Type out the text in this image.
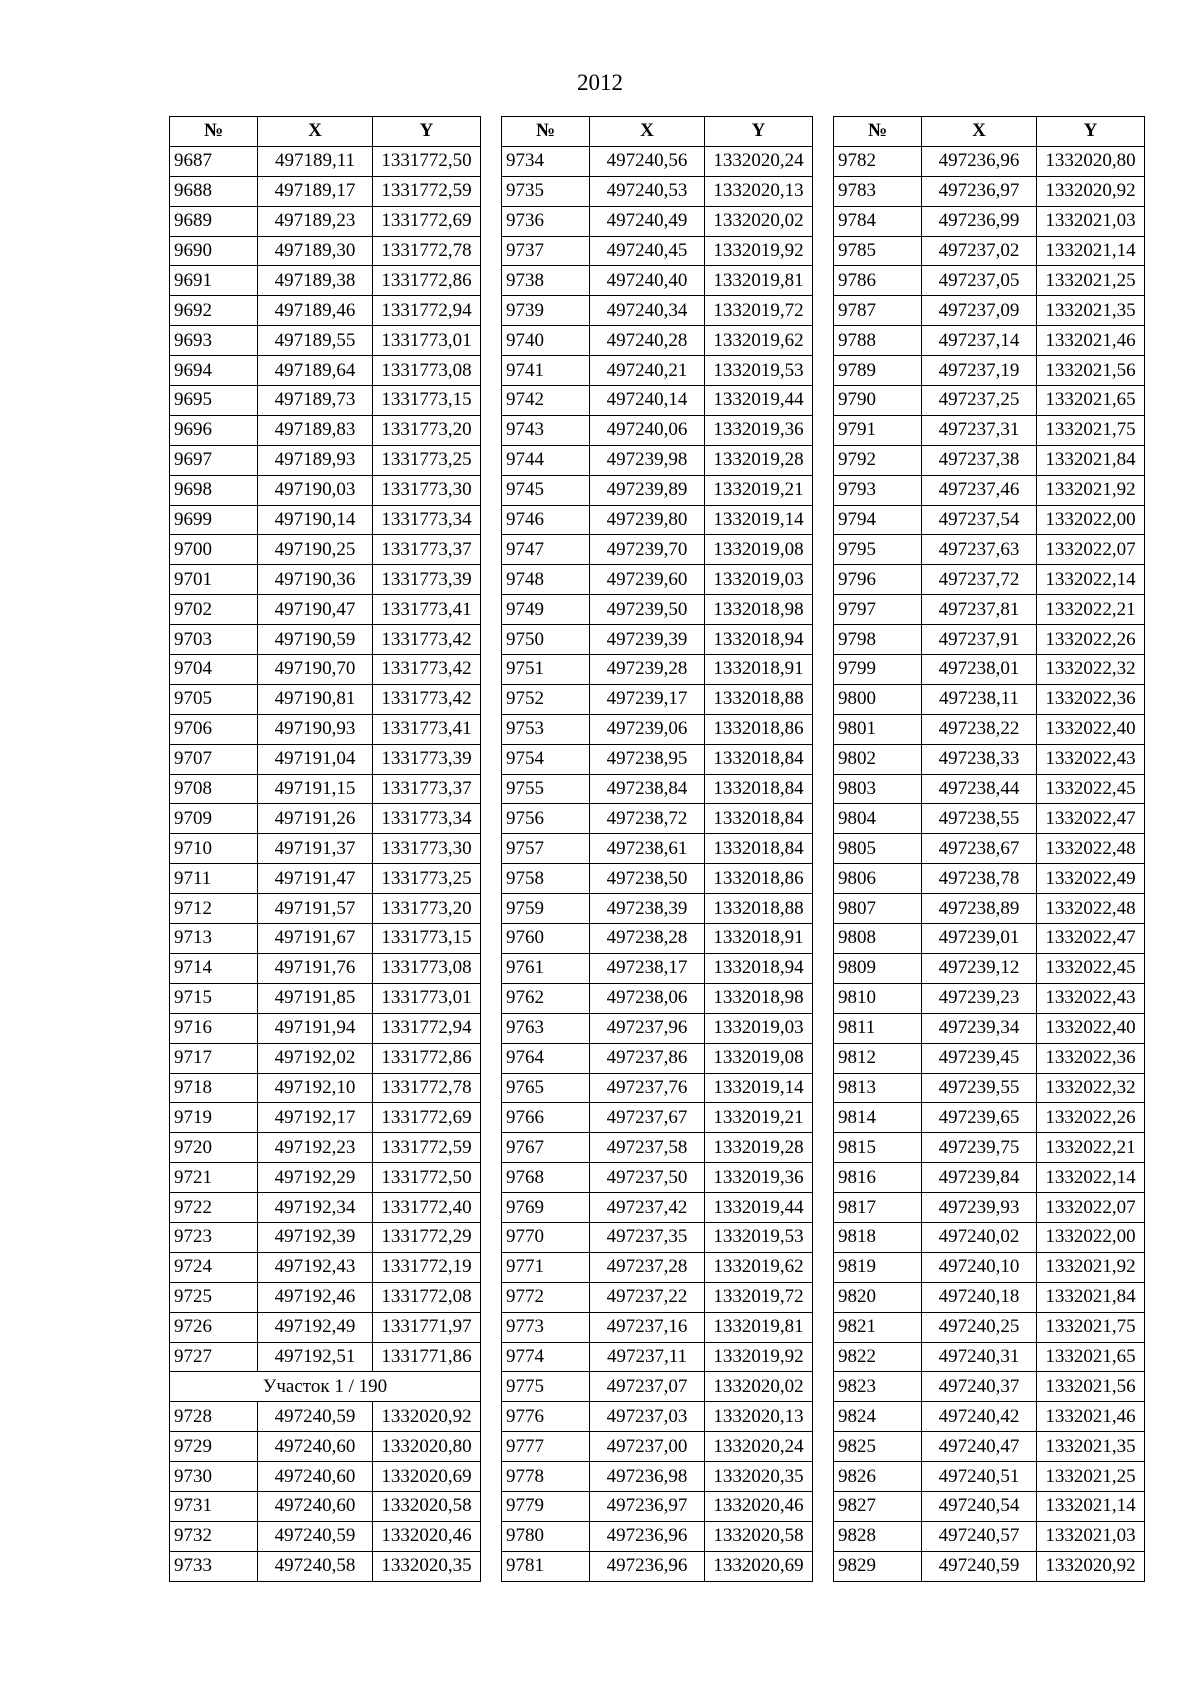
2012
№	X	Y
9687	497189,11	1331772,50
9688	497189,17	1331772,59
9689	497189,23	1331772,69
9690	497189,30	1331772,78
9691	497189,38	1331772,86
9692	497189,46	1331772,94
9693	497189,55	1331773,01
9694	497189,64	1331773,08
9695	497189,73	1331773,15
9696	497189,83	1331773,20
9697	497189,93	1331773,25
9698	497190,03	1331773,30
9699	497190,14	1331773,34
9700	497190,25	1331773,37
9701	497190,36	1331773,39
9702	497190,47	1331773,41
9703	497190,59	1331773,42
9704	497190,70	1331773,42
9705	497190,81	1331773,42
9706	497190,93	1331773,41
9707	497191,04	1331773,39
9708	497191,15	1331773,37
9709	497191,26	1331773,34
9710	497191,37	1331773,30
9711	497191,47	1331773,25
9712	497191,57	1331773,20
9713	497191,67	1331773,15
9714	497191,76	1331773,08
9715	497191,85	1331773,01
9716	497191,94	1331772,94
9717	497192,02	1331772,86
9718	497192,10	1331772,78
9719	497192,17	1331772,69
9720	497192,23	1331772,59
9721	497192,29	1331772,50
9722	497192,34	1331772,40
9723	497192,39	1331772,29
9724	497192,43	1331772,19
9725	497192,46	1331772,08
9726	497192,49	1331771,97
9727	497192,51	1331771,86
Участок 1 / 190		
9728	497240,59	1332020,92
9729	497240,60	1332020,80
9730	497240,60	1332020,69
9731	497240,60	1332020,58
9732	497240,59	1332020,46
9733	497240,58	1332020,35
№	X	Y
9734	497240,56	1332020,24
9735	497240,53	1332020,13
9736	497240,49	1332020,02
9737	497240,45	1332019,92
9738	497240,40	1332019,81
9739	497240,34	1332019,72
9740	497240,28	1332019,62
9741	497240,21	1332019,53
9742	497240,14	1332019,44
9743	497240,06	1332019,36
9744	497239,98	1332019,28
9745	497239,89	1332019,21
9746	497239,80	1332019,14
9747	497239,70	1332019,08
9748	497239,60	1332019,03
9749	497239,50	1332018,98
9750	497239,39	1332018,94
9751	497239,28	1332018,91
9752	497239,17	1332018,88
9753	497239,06	1332018,86
9754	497238,95	1332018,84
9755	497238,84	1332018,84
9756	497238,72	1332018,84
9757	497238,61	1332018,84
9758	497238,50	1332018,86
9759	497238,39	1332018,88
9760	497238,28	1332018,91
9761	497238,17	1332018,94
9762	497238,06	1332018,98
9763	497237,96	1332019,03
9764	497237,86	1332019,08
9765	497237,76	1332019,14
9766	497237,67	1332019,21
9767	497237,58	1332019,28
9768	497237,50	1332019,36
9769	497237,42	1332019,44
9770	497237,35	1332019,53
9771	497237,28	1332019,62
9772	497237,22	1332019,72
9773	497237,16	1332019,81
9774	497237,11	1332019,92
9775	497237,07	1332020,02
9776	497237,03	1332020,13
9777	497237,00	1332020,24
9778	497236,98	1332020,35
9779	497236,97	1332020,46
9780	497236,96	1332020,58
9781	497236,96	1332020,69
№	X	Y
9782	497236,96	1332020,80
9783	497236,97	1332020,92
9784	497236,99	1332021,03
9785	497237,02	1332021,14
9786	497237,05	1332021,25
9787	497237,09	1332021,35
9788	497237,14	1332021,46
9789	497237,19	1332021,56
9790	497237,25	1332021,65
9791	497237,31	1332021,75
9792	497237,38	1332021,84
9793	497237,46	1332021,92
9794	497237,54	1332022,00
9795	497237,63	1332022,07
9796	497237,72	1332022,14
9797	497237,81	1332022,21
9798	497237,91	1332022,26
9799	497238,01	1332022,32
9800	497238,11	1332022,36
9801	497238,22	1332022,40
9802	497238,33	1332022,43
9803	497238,44	1332022,45
9804	497238,55	1332022,47
9805	497238,67	1332022,48
9806	497238,78	1332022,49
9807	497238,89	1332022,48
9808	497239,01	1332022,47
9809	497239,12	1332022,45
9810	497239,23	1332022,43
9811	497239,34	1332022,40
9812	497239,45	1332022,36
9813	497239,55	1332022,32
9814	497239,65	1332022,26
9815	497239,75	1332022,21
9816	497239,84	1332022,14
9817	497239,93	1332022,07
9818	497240,02	1332022,00
9819	497240,10	1332021,92
9820	497240,18	1332021,84
9821	497240,25	1332021,75
9822	497240,31	1332021,65
9823	497240,37	1332021,56
9824	497240,42	1332021,46
9825	497240,47	1332021,35
9826	497240,51	1332021,25
9827	497240,54	1332021,14
9828	497240,57	1332021,03
9829	497240,59	1332020,92
